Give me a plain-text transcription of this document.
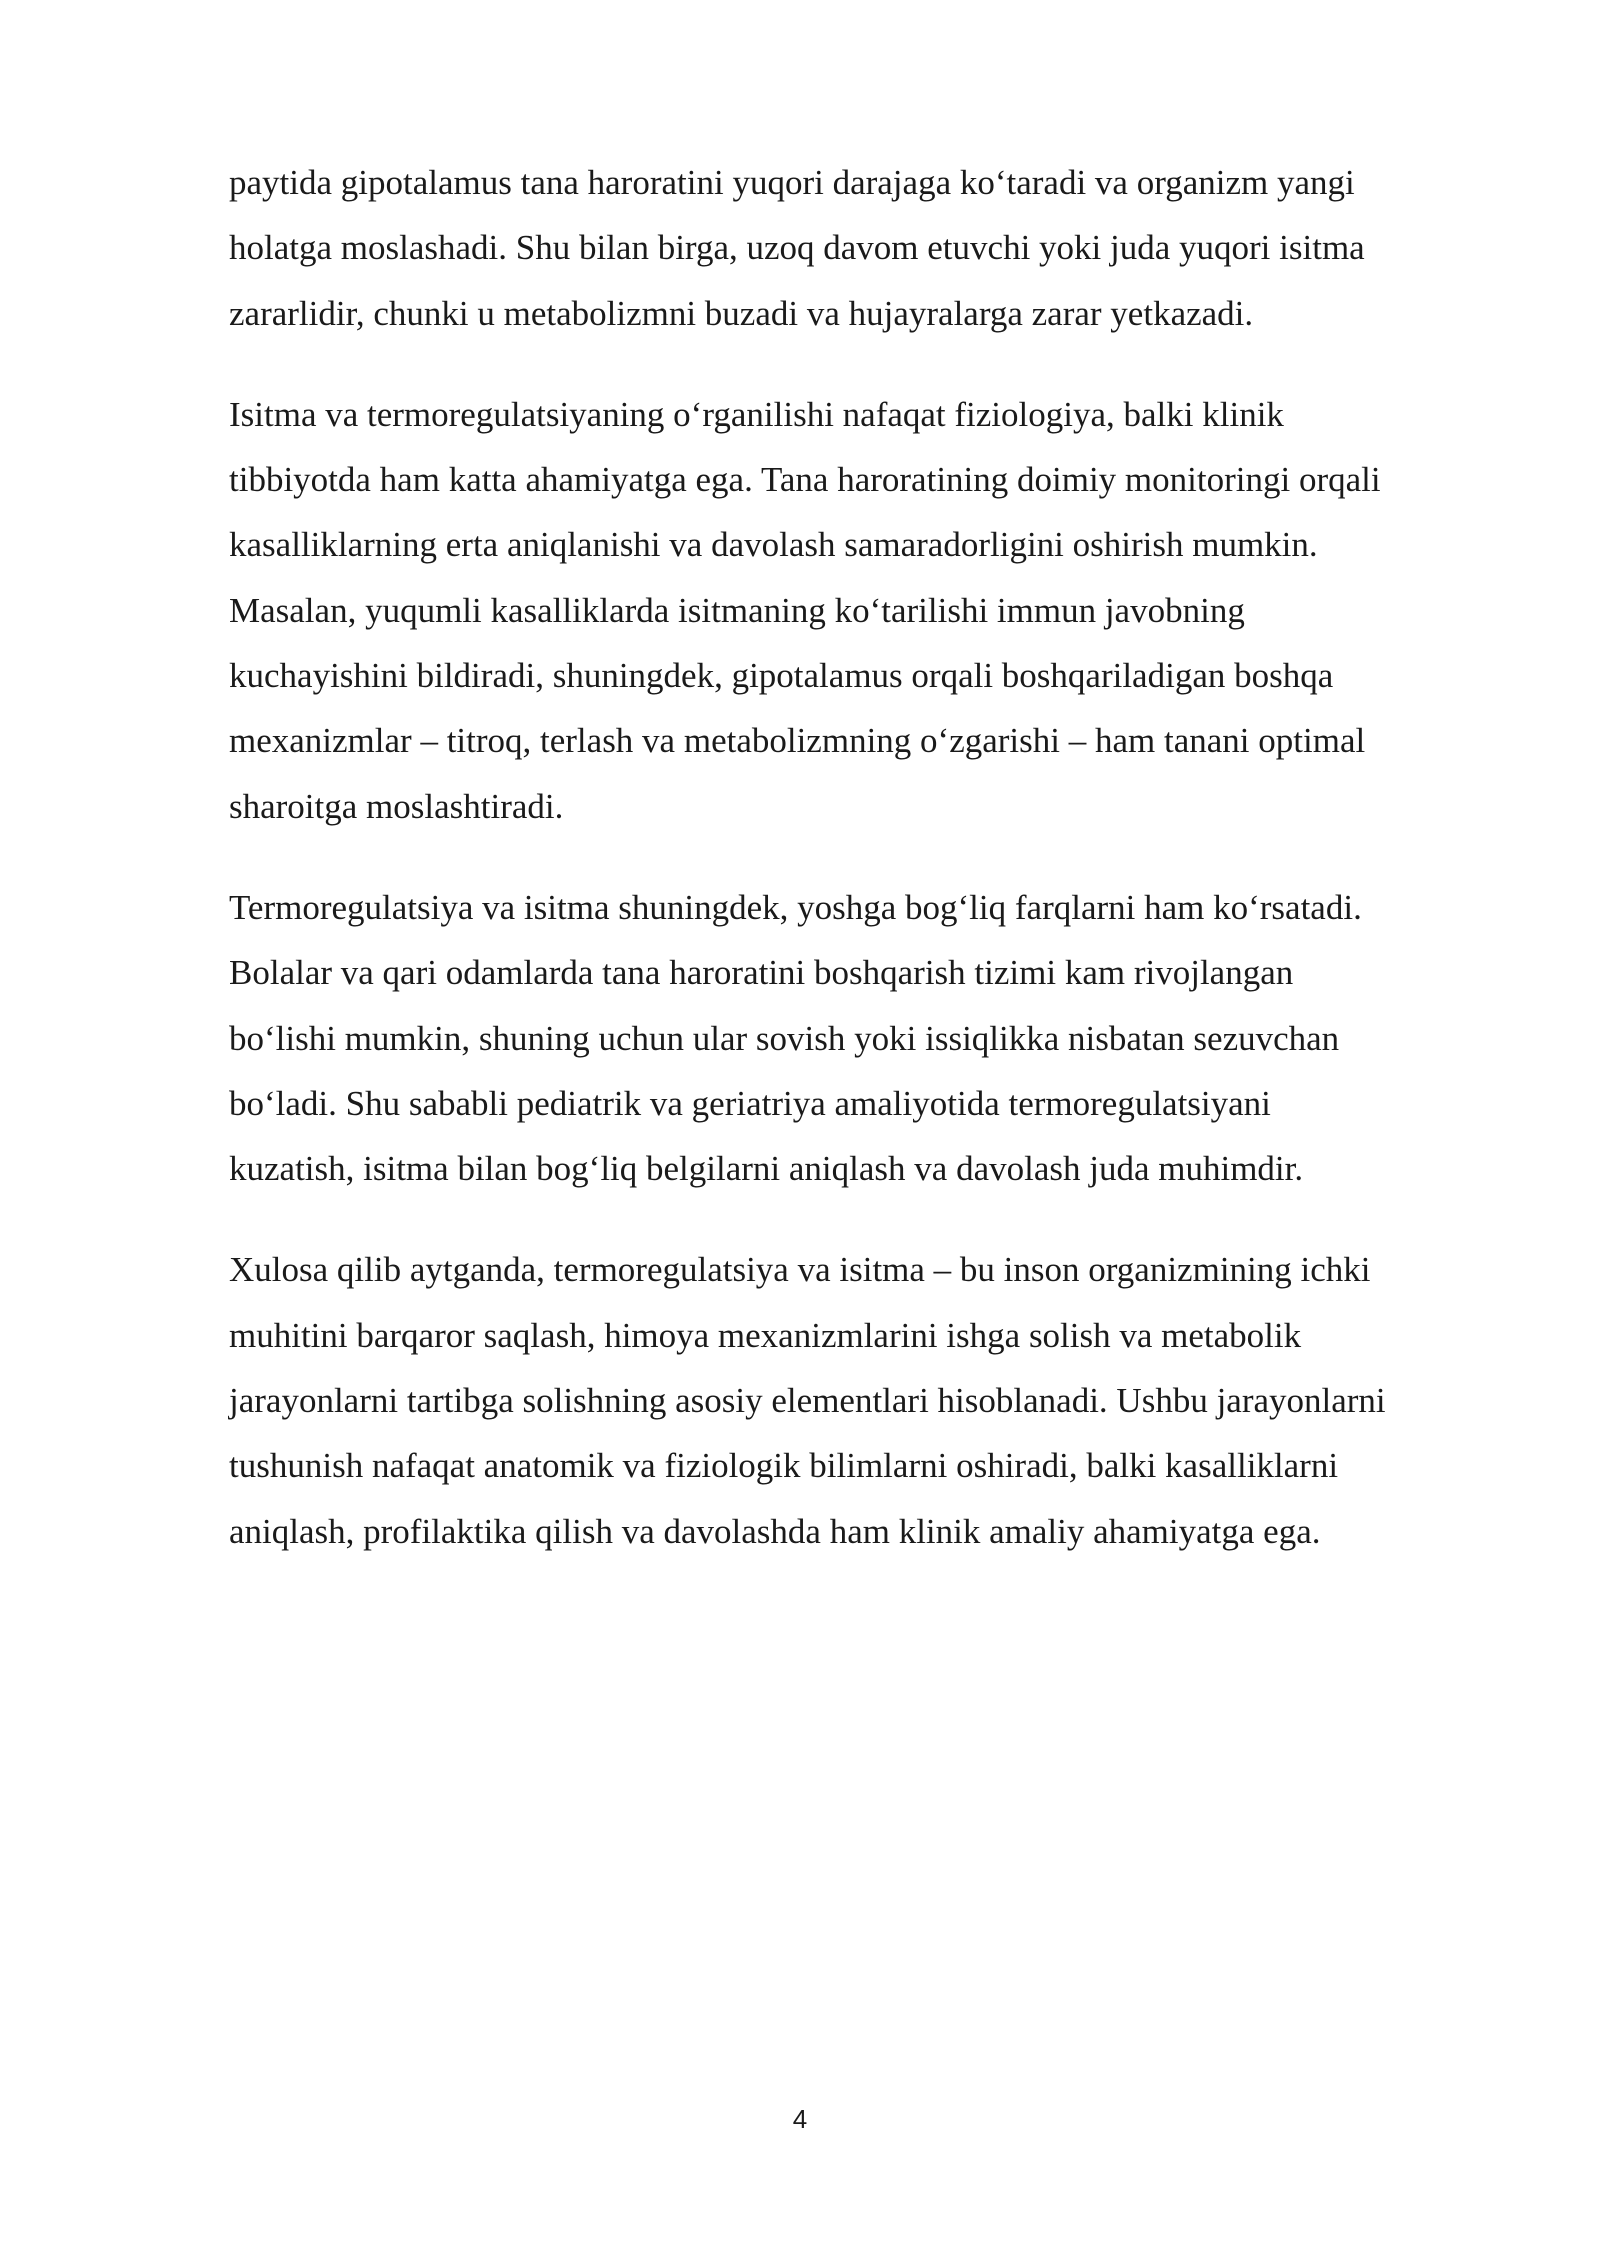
paytida gipotalamus tana haroratini yuqori darajaga ko‘taradi va organizm yangi
holatga moslashadi. Shu bilan birga, uzoq davom etuvchi yoki juda yuqori isitma
zararlidir, chunki u metabolizmni buzadi va hujayralarga zarar yetkazadi.

Isitma va termoregulatsiyaning o‘rganilishi nafaqat fiziologiya, balki klinik
tibbiyotda ham katta ahamiyatga ega. Tana haroratining doimiy monitoringi orqali
kasalliklarning erta aniqlanishi va davolash samaradorligini oshirish mumkin.
Masalan, yuqumli kasalliklarda isitmaning ko‘tarilishi immun javobning
kuchayishini bildiradi, shuningdek, gipotalamus orqali boshqariladigan boshqa
mexanizmlar – titroq, terlash va metabolizmning o‘zgarishi – ham tanani optimal
sharoitga moslashtiradi.

Termoregulatsiya va isitma shuningdek, yoshga bog‘liq farqlarni ham ko‘rsatadi.
Bolalar va qari odamlarda tana haroratini boshqarish tizimi kam rivojlangan
bo‘lishi mumkin, shuning uchun ular sovish yoki issiqlikka nisbatan sezuvchan
bo‘ladi. Shu sababli pediatrik va geriatriya amaliyotida termoregulatsiyani
kuzatish, isitma bilan bog‘liq belgilarni aniqlash va davolash juda muhimdir.

Xulosa qilib aytganda, termoregulatsiya va isitma – bu inson organizmining ichki
muhitini barqaror saqlash, himoya mexanizmlarini ishga solish va metabolik
jarayonlarni tartibga solishning asosiy elementlari hisoblanadi. Ushbu jarayonlarni
tushunish nafaqat anatomik va fiziologik bilimlarni oshiradi, balki kasalliklarni
aniqlash, profilaktika qilish va davolashda ham klinik amaliy ahamiyatga ega.

4
